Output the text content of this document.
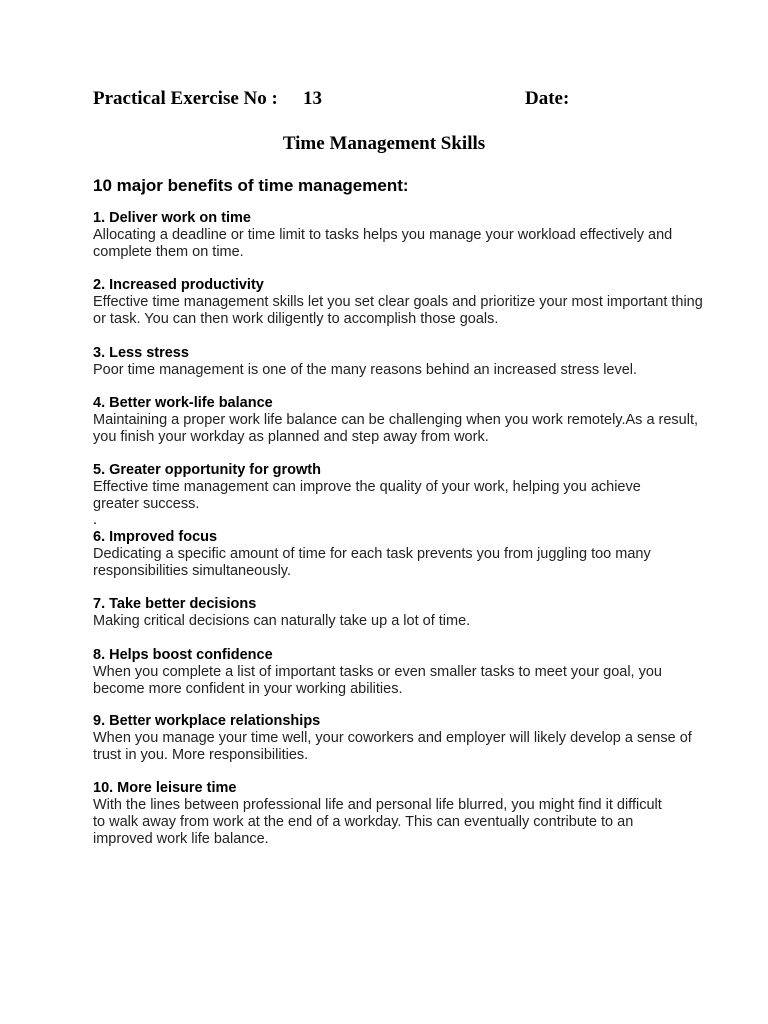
Practical Exercise No : 13	Date:
Time Management Skills
10 major benefits of time management:
1. Deliver work on time
Allocating a deadline or time limit to tasks helps you manage your workload effectively and complete them on time.
2. Increased productivity
Effective time management skills let you set clear goals and prioritize your most important thing or task. You can then work diligently to accomplish those goals.
3. Less stress
Poor time management is one of the many reasons behind an increased stress level.
4. Better work-life balance
Maintaining a proper work life balance can be challenging when you work remotely.As a result, you finish your workday as planned and step away from work.
5. Greater opportunity for growth
Effective time management can improve the quality of your work, helping you achieve greater success.
.
6. Improved focus
Dedicating a specific amount of time for each task prevents you from juggling too many responsibilities simultaneously.
7. Take better decisions
Making critical decisions can naturally take up a lot of time.
8. Helps boost confidence
When you complete a list of important tasks or even smaller tasks to meet your goal, you become more confident in your working abilities.
9. Better workplace relationships
When you manage your time well, your coworkers and employer will likely develop a sense of trust in you. More responsibilities.
10. More leisure time
With the lines between professional life and personal life blurred, you might find it difficult to walk away from work at the end of a workday. This can eventually contribute to an improved work life balance.
